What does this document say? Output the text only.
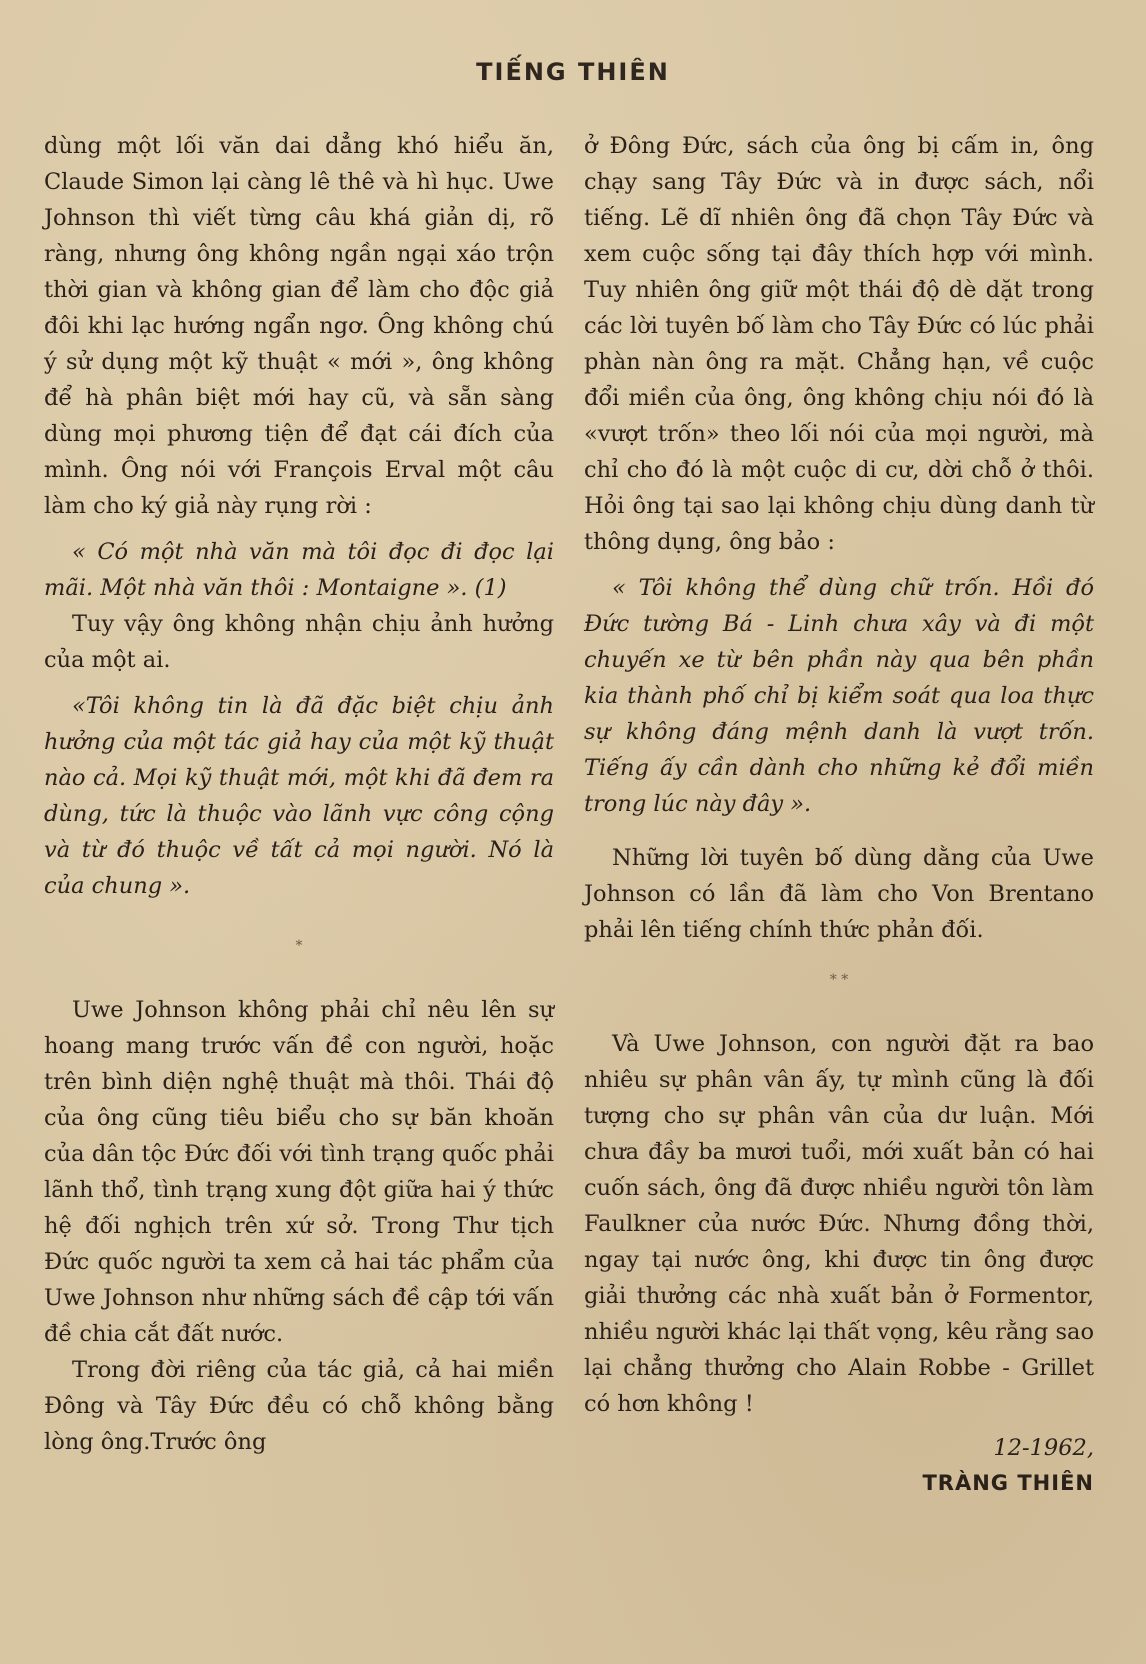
TIẾNG THIÊN

dùng một lối văn dai dẳng khó hiểu ăn, Claude Simon lại càng lê thê và hì hục. Uwe Johnson thì viết từng câu khá giản dị, rõ ràng, nhưng ông không ngần ngại xáo trộn thời gian và không gian để làm cho độc giả đôi khi lạc hướng ngẩn ngơ. Ông không chú ý sử dụng một kỹ thuật « mới », ông không để hà phân biệt mới hay cũ, và sẵn sàng dùng mọi phương tiện để đạt cái đích của mình. Ông nói với François Erval một câu làm cho ký giả này rụng rời :

« Có một nhà văn mà tôi đọc đi đọc lại mãi. Một nhà văn thôi : Montaigne ». (1)

Tuy vậy ông không nhận chịu ảnh hưởng của một ai.

«Tôi không tin là đã đặc biệt chịu ảnh hưởng của một tác giả hay của một kỹ thuật nào cả. Mọi kỹ thuật mới, một khi đã đem ra dùng, tức là thuộc vào lãnh vực công cộng và từ đó thuộc về tất cả mọi người. Nó là của chung ».

*

Uwe Johnson không phải chỉ nêu lên sự hoang mang trước vấn đề con người, hoặc trên bình diện nghệ thuật mà thôi. Thái độ của ông cũng tiêu biểu cho sự băn khoăn của dân tộc Đức đối với tình trạng quốc phải lãnh thổ, tình trạng xung đột giữa hai ý thức hệ đối nghịch trên xứ sở. Trong Thư tịch Đức quốc người ta xem cả hai tác phẩm của Uwe Johnson như những sách đề cập tới vấn đề chia cắt đất nước.

Trong đời riêng của tác giả, cả hai miền Đông và Tây Đức đều có chỗ không bằng lòng ông.Trước ông

ở Đông Đức, sách của ông bị cấm in, ông chạy sang Tây Đức và in được sách, nổi tiếng. Lẽ dĩ nhiên ông đã chọn Tây Đức và xem cuộc sống tại đây thích hợp với mình. Tuy nhiên ông giữ một thái độ dè dặt trong các lời tuyên bố làm cho Tây Đức có lúc phải phàn nàn ông ra mặt. Chẳng hạn, về cuộc đổi miền của ông, ông không chịu nói đó là «vượt trốn» theo lối nói của mọi người, mà chỉ cho đó là một cuộc di cư, dời chỗ ở thôi. Hỏi ông tại sao lại không chịu dùng danh từ thông dụng, ông bảo :

« Tôi không thể dùng chữ trốn. Hồi đó Đức tường Bá - Linh chưa xây và đi một chuyến xe từ bên phần này qua bên phần kia thành phố chỉ bị kiểm soát qua loa thực sự không đáng mệnh danh là vượt trốn. Tiếng ấy cần dành cho những kẻ đổi miền trong lúc này đây ».

Những lời tuyên bố dùng dằng của Uwe Johnson có lần đã làm cho Von Brentano phải lên tiếng chính thức phản đối.

* *

Và Uwe Johnson, con người đặt ra bao nhiêu sự phân vân ấy, tự mình cũng là đối tượng cho sự phân vân của dư luận. Mới chưa đầy ba mươi tuổi, mới xuất bản có hai cuốn sách, ông đã được nhiều người tôn làm Faulkner của nước Đức. Nhưng đồng thời, ngay tại nước ông, khi được tin ông được giải thưởng các nhà xuất bản ở Formentor, nhiều người khác lại thất vọng, kêu rằng sao lại chẳng thưởng cho Alain Robbe - Grillet có hơn không !

12-1962,
TRÀNG THIÊN
